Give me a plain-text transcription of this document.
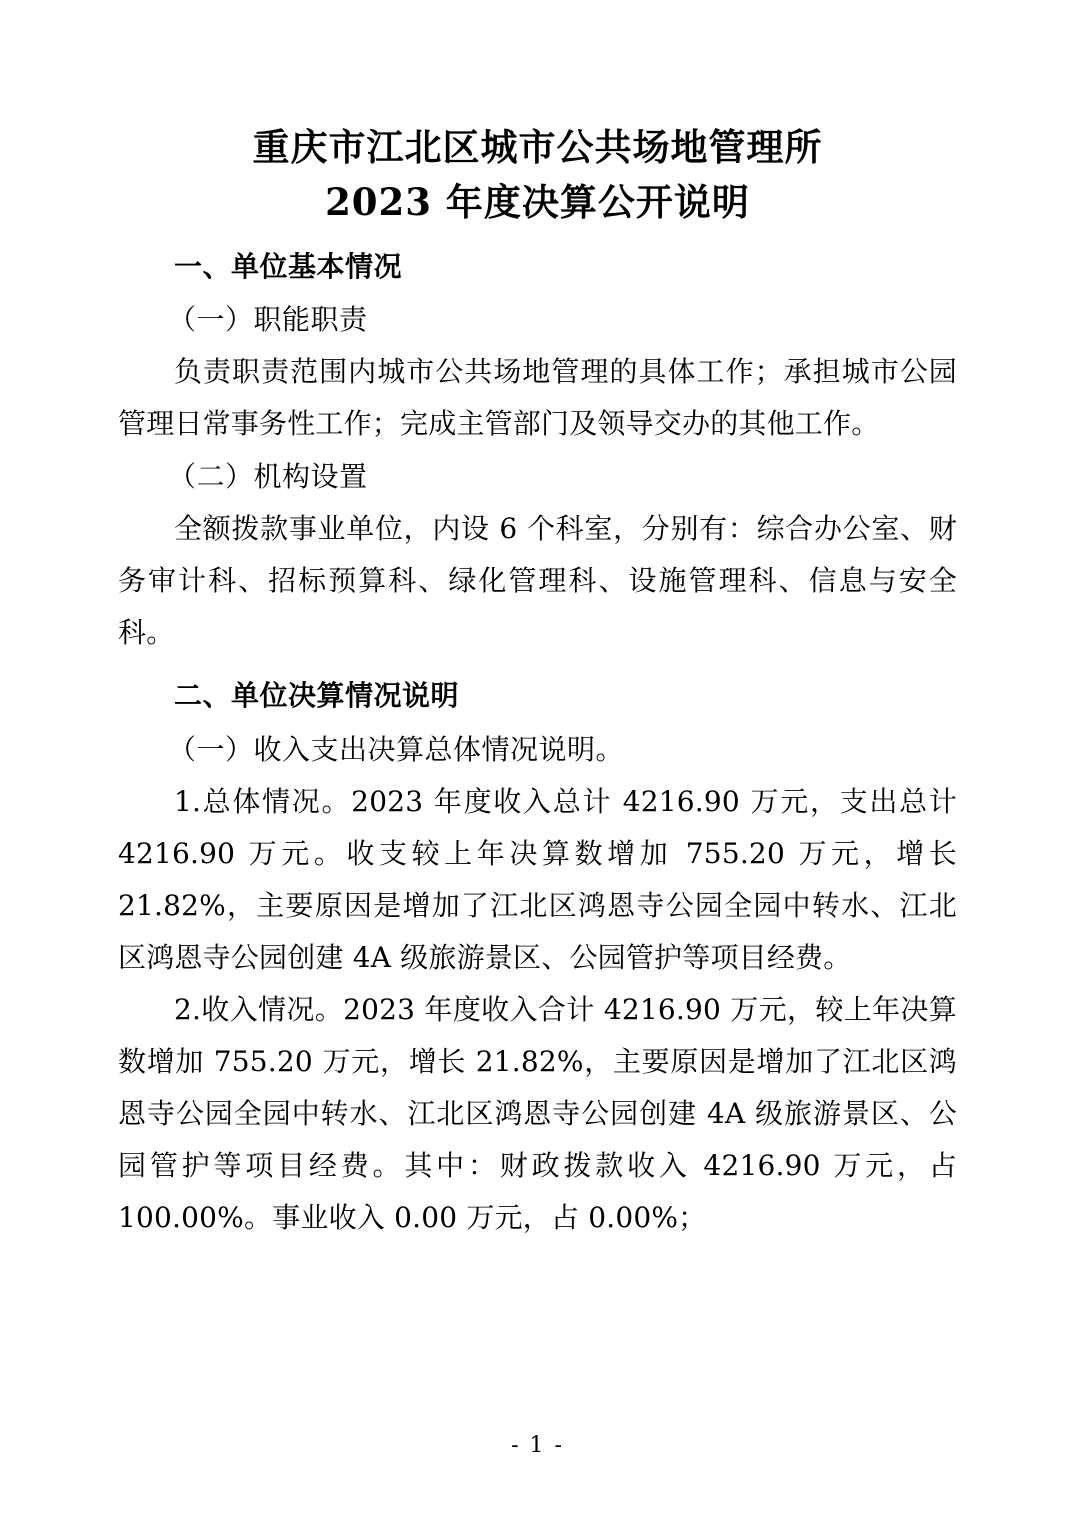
重庆市江北区城市公共场地管理所
2023 年度决算公开说明
一、单位基本情况

（一）职能职责

负责职责范围内城市公共场地管理的具体工作；承担城市公园管理日常事务性工作；完成主管部门及领导交办的其他工作。

（二）机构设置

全额拨款事业单位，内设 6 个科室，分别有：综合办公室、财务审计科、招标预算科、绿化管理科、设施管理科、信息与安全科。

二、单位决算情况说明

（一）收入支出决算总体情况说明。

1.总体情况。2023 年度收入总计 4216.90 万元，支出总计 4216.90 万元。收支较上年决算数增加 755.20 万元，增长 21.82%，主要原因是增加了江北区鸿恩寺公园全园中转水、江北区鸿恩寺公园创建 4A 级旅游景区、公园管护等项目经费。

2.收入情况。2023 年度收入合计 4216.90 万元，较上年决算数增加 755.20 万元，增长 21.82%，主要原因是增加了江北区鸿恩寺公园全园中转水、江北区鸿恩寺公园创建 4A 级旅游景区、公园管护等项目经费。其中：财政拨款收入 4216.90 万元，占 100.00%。事业收入 0.00 万元，占 0.00%；

- 1 -
